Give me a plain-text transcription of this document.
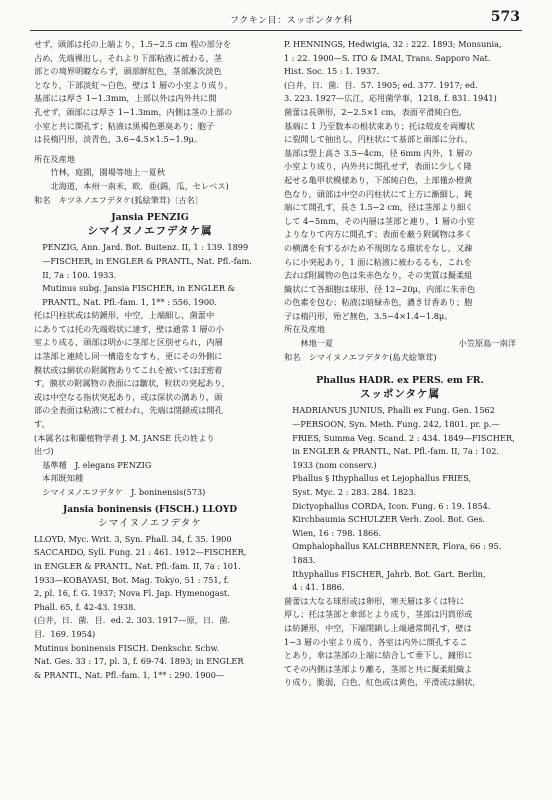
フクキン目：スッポンタケ科	573
せず，頭部は托の上端より，1.5−2.5 cm 程の部分を
占め，先端裸出し，それより下部粘液に被わる，茎
部との境界明瞭ならず，頭部鮮紅色，茎部漸次淡色
となり，下部淡紅〜白色，壁は 1 層の小室より成り，
基部には厚さ 1−1.3mm，上部以外は内外共に開
孔せず，頭部には厚さ 1−1.3mm，内側は茎の上部の
小室と共に開孔す；粘液は黒褐色悪臭あり；胞子
は長楕円形，淡青色，3.6−4.5×1.5−1.9μ。
所在及産地
竹林，庭園，園場等地上一夏秋
北海道，本州一南米，欧．亜(錫，瓜，セレベス)
和名　キツネノエフデタケ(狐絵筆茸)〔古名〕
Jansia PENZIG
シマイヌノエフデタケ属
PENZIG, Ann. Jard. Bot. Buitenz. II, 1 : 139. 1899
—FISCHER, in ENGLER & PRANTL, Nat. Pfl.-fam.
II, 7a : 100. 1933.
Mutinus subg. Jansia FISCHER, in ENGLER &
PRANTL, Nat. Pfl.-fam. 1, 1** : 556. 1900.
托は円柱状或は紡錘形，中空，上端細し，菌蕾中
にありては托の先端殻状に達す，壁は通常 1 層の小
室より成る，頭部は明かに茎部と区別せられ，内層
は茎部と連続し同一構造をなすも，更にその外側に
膜状或は網状の附属物ありてこれを被いてほぼ密着
す，膜状の附属物の表面には皺状，粒状の突起あり，
或は中空なる指状突起あり，或は深状の溝あり，頭
部の全表面は粘液にて被われ，先端は閉鎖或は開孔
す。
(本属名は和蘭植物学者 J. M. JANSE 氏の姓より
出づ)
基準種　J. elegans PENZIG
本邦既知種
シマイヌノエフデタケ　J. boninensis(573)
Jansia boninensis (FISCH.) LLOYD
シマイヌノエフデタケ
LLOYD, Myc. Writ. 3, Syn. Phall. 34, f. 35. 1900
SACCARDO, Syll. Fung. 21 : 461. 1912—FISCHER,
in ENGLER & PRANTL, Nat. Pfl.-fam. II, 7a : 101.
1933—KOBAYASI, Bot. Mag. Tokyo, 51 : 751, f.
2, pl. 16, f. G. 1937; Nova Fl. Jap. Hymenogast.
Phall. 65, f. 42-43. 1938.
(白井，日．菌．目．ed. 2. 303. 1917—原，日．菌．
目．169. 1954)
Mutinus boninensis FISCH. Denkschr. Schw.
Nat. Ges. 33 : 17, pl. 3, f. 69-74. 1893; in ENGLER
& PRANTL, Nat. Pfl.-fam. 1, 1** : 290. 1900—
P. HENNINGS, Hedwigia, 32 : 222. 1893; Monsunia,
1 : 22. 1900—S. ITO & IMAI, Trans. Sapporo Nat.
Hist. Soc. 15 : 1. 1937.
(白井，日．菌．目．57. 1905; ed. 377. 1917; ed.
3. 223. 1927—広江，応用菌学事，1218, f. 831. 1941)
菌蕾は長卵形，2−2.5×1 cm，表面平滑純白色，
基端に 1 乃至数本の根状束あり；托は殻皮を両瓣状
に裂開して抽出し，円柱状にて基部と頭部に分れ，
基部は竪上高さ 3.5−4cm，径 6mm 内外，1 層の
小室より成り，内外共に開孔せず，表面に少しく隆
起せる亀甲状模様あり，下部純白色，上部僅か橙黄
色なり，頭部は中空の円柱状にて上方に漸細し，鈍
端にて開孔す，長さ 1.5−2 cm，径は茎部より細く
して 4−5mm，その内層は茎部と連り，1 層の小室
よりなりて内方に開孔す；表面を蔽う附属物は多く
の横溝を有するがため不規則なる環状をなし，又疎
らに小突起あり，1 面に粘液に被わるるも，これを
去れば附属物の色は朱赤色なり，その実質は擬柔組
織状にて各細胞は球形，径 12−20μ，内部に朱赤色
の色素を包む；粘液は暗緑赤色，濃き甘香あり；胞
子は楕円形，殆ど無色，3.5−4×1.4−1.8μ。
所在及産地
林地一夏	小笠原島一南洋
和名　シマイヌノエフデタケ(島犬絵筆茸)
Phallus HADR. ex PERS. em FR.
スッポンタケ属
HADRIANUS JUNIUS, Phalli ex Fung. Gen. 1562
—PERSOON, Syn. Meth. Fung. 242, 1801. pr. p.—
FRIES, Summa Veg. Scand. 2 : 434. 1849—FISCHER,
in ENGLER & PRANTL, Nat. Pfl.-fam. II, 7a : 102.
1933 (nom conserv.)
Phallus § Ithyphallus et Lejophallus FRIES,
Syst. Myc. 2 : 283. 284. 1823.
Dictyophallus CORDA, Icon. Fung. 6 : 19. 1854.
Kirchbaumia SCHULZER Verh. Zool. Bot. Ges.
Wien, 16 : 798. 1866.
Omphalophallus KALCHBRENNER, Flora, 66 : 95.
1883.
Ithyphallus FISCHER, Jahrb. Bot. Gart. Berlin,
4 : 41. 1886.
菌蕾は大なる球形或は卵形，寒天層は多くは特に
厚し；托は茎部と傘部とより成り，茎部は円筒形或
は紡錘形，中空，下端閉鎖し上端通常開孔す，壁は
1−3 層の小室より成り，各室は内外に開孔するこ
とあり，傘は茎部の上端に結合して垂下し，鐘形に
てその内側は茎部より離る，茎部と共に擬柔組織よ
り成り，脆弱，白色，紅色或は黄色，平滑或は網状，
